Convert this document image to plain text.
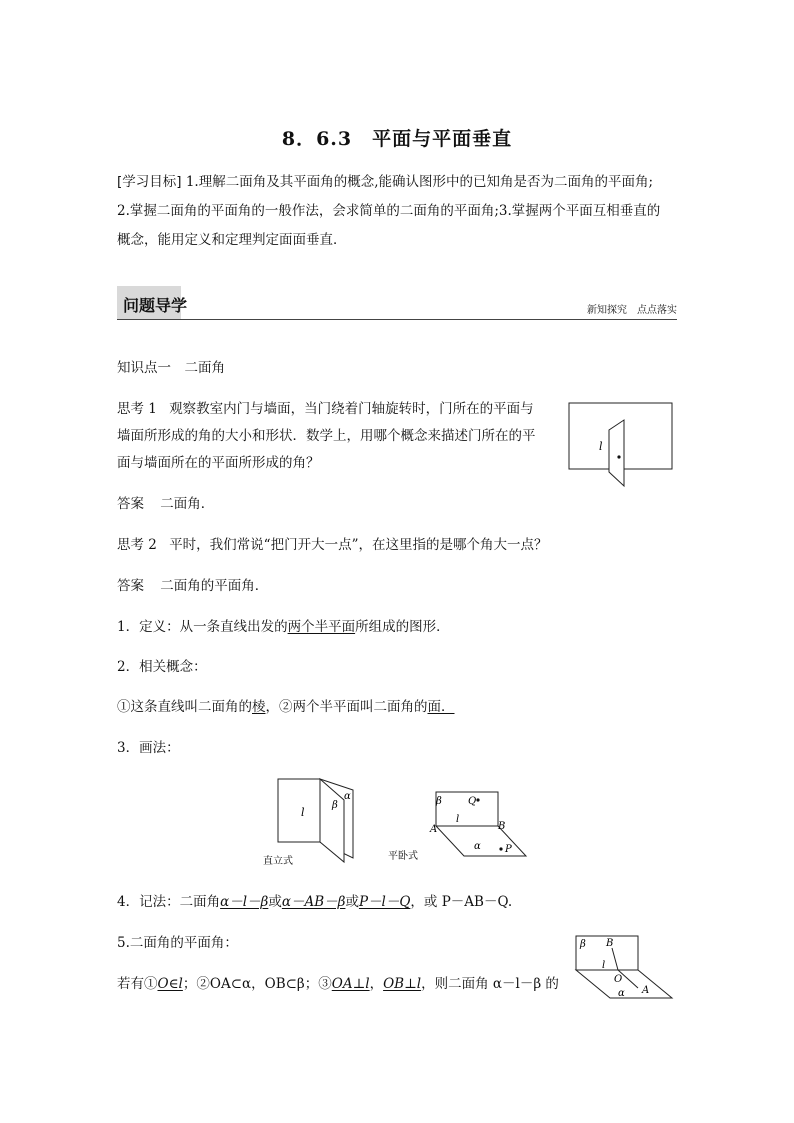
8．6.3　平面与平面垂直
[学习目标] 1.理解二面角及其平面角的概念,能确认图形中的已知角是否为二面角的平面角;
2.掌握二面角的平面角的一般作法，会求简单的二面角的平面角;3.掌握两个平面互相垂直的
概念，能用定义和定理判定面面垂直．
问题导学	新知探究　点点落实
知识点一　二面角
思考 1 观察教室内门与墙面，当门绕着门轴旋转时，门所在的平面与
墙面所形成的角的大小和形状．数学上，用哪个概念来描述门所在的平
面与墙面所在的平面所形成的角？
l
答案 二面角．
思考 2 平时，我们常说“把门开大一点”，在这里指的是哪个角大一点？
答案 二面角的平面角．
1．定义：从一条直线出发的两个半平面所组成的图形．
2．相关概念：
①这条直线叫二面角的棱，②两个半平面叫二面角的面．
3．画法：
l
β
α
直立式
β	Q
A
l
B
α P
平卧式
4．记法：二面角α－l－β或α－AB－β或P－l－Q，或 P－AB－Q.
5.二面角的平面角：
若有①O∈l；②OA⊂α，OB⊂β；③OA⊥l，OB⊥l，则二面角 α－l－β 的
β B
l
O
α A
